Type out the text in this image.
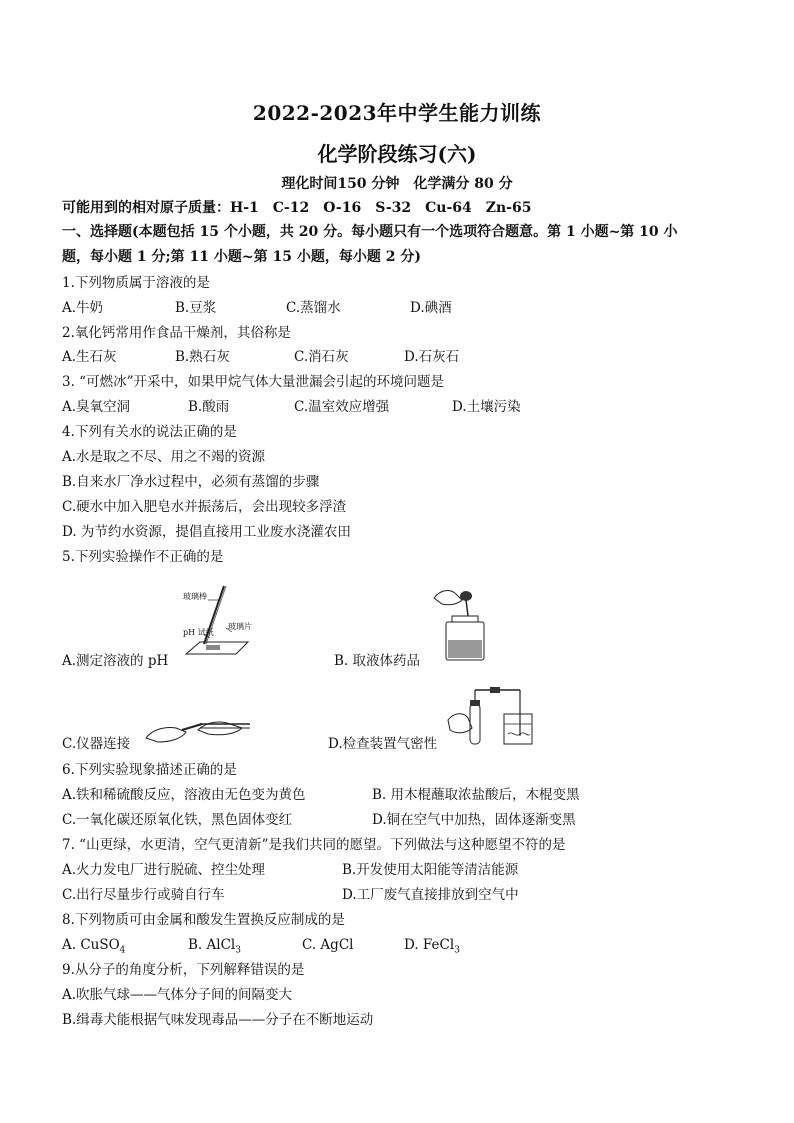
2022-2023年中学生能力训练
化学阶段练习(六)
理化时间150 分钟　化学满分 80 分
可能用到的相对原子质量：H-1　C-12　O-16　S-32　Cu-64　Zn-65
一、选择题(本题包括 15 个小题，共 20 分。每小题只有一个选项符合题意。第 1 小题~第 10 小
题，每小题 1 分;第 11 小题~第 15 小题，每小题 2 分)
1.下列物质属于溶液的是
A.牛奶	B.豆浆	C.蒸馏水	D.碘酒
2.氧化钙常用作食品干燥剂，其俗称是
A.生石灰	B.熟石灰	C.消石灰	D.石灰石
3. “可燃冰”开采中，如果甲烷气体大量泄漏会引起的环境问题是
A.臭氧空洞	B.酸雨	C.温室效应增强	D.土壤污染
4.下列有关水的说法正确的是
A.水是取之不尽、用之不竭的资源
B.自来水厂净水过程中，必须有蒸馏的步骤
C.硬水中加入肥皂水并振荡后，会出现较多浮渣
D. 为节约水资源，提倡直接用工业废水浇灌农田
5.下列实验操作不正确的是
玻璃棒
pH 试纸
玻璃片
A.测定溶液的 pH	B. 取液体药品
C.仪器连接	D.检查装置气密性
6.下列实验现象描述正确的是
A.铁和稀硫酸反应，溶液由无色变为黄色	B. 用木棍蘸取浓盐酸后，木棍变黑
C.一氧化碳还原氧化铁，黑色固体变红	D.铜在空气中加热，固体逐渐变黑
7. “山更绿，水更清，空气更清新”是我们共同的愿望。下列做法与这种愿望不符的是
A.火力发电厂进行脱硫、控尘处理	B.开发使用太阳能等清洁能源
C.出行尽量步行或骑自行车	D.工厂废气直接排放到空气中
8.下列物质可由金属和酸发生置换反应制成的是
A. CuSO$_4$	B. AlCl$_3$	C. AgCl	D. FeCl$_3$
9.从分子的角度分析，下列解释错误的是
A.吹胀气球——气体分子间的间隔变大
B.缉毒犬能根据气味发现毒品——分子在不断地运动
